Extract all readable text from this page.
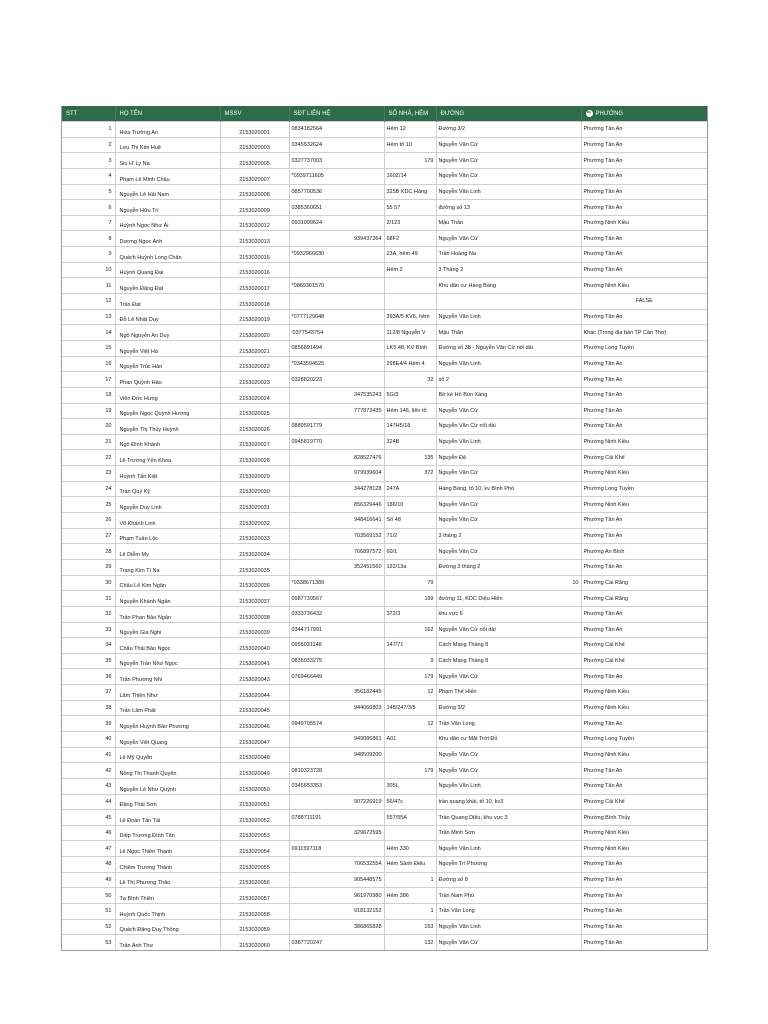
STT	HỌ TÊN	MSSV	SĐT LIÊN HỆ	SỐ NHÀ, HẺM	ĐƯỜNG	⇆ PHƯỜNG
1	Hứa Trường An	2153020001	0834182664	Hẻm 12	Đường 3/2	Phường Tân An
2	Lưu Thị Kim Huệ	2153020003	0345532624	Hẻm tổ 10	Nguyễn Văn Cừ	Phường Tân An
3	Siu H' Ly Na	2153020005	0327737003	179	Nguyễn Văn Cừ	Phường Tân An
4	Phạm Lê Minh Châu	2153020007	*0939711605	160Z/14	Nguyễn Văn Cừ	Phường Tân An
5	Nguyễn Lê Hải Nam	2153020008	0857700536	325B KDC Hàng	Nguyễn Văn Linh	Phường Tân An
6	Nguyễn Hữu Trí	2153020009	0385360651	55 57	đường số 13	Phường Tân An
7	Huỳnh Ngọc Như Ái	2153020012	0931099624	2/123	Mậu Thân	Phường Ninh Kiều
8	Dương Ngọc Anh	2153020013	939437364	68F2	Nguyễn Văn Cừ	Phường Tân An
9	Quách Huỳnh Long Chẩn	2153020015	*0932966630	23A, hẻm 49	Trần Hoàng Na	Phường Tân An
10	Huỳnh Quang Đại	2153020016		Hẻm 2	3 Tháng 2	Phường Tân An
11	Nguyễn Đăng Đạt	2153020017	*0869361570		Khu dân cư Hàng Bàng	Phường Ninh Kiều
12	Trần Đạt	2153020018				FALSE
13	Đỗ Lê Nhật Duy	2153020019	*0777129048	393A/5 KV6, hẻm	Nguyễn Văn Linh	Phường Tân An
14	Ngô Nguyễn An Duy	2153020020	'0377543754	112/8 Nguyễn V	Mậu Thân	Khác (Trong địa bàn TP Cần Thơ)
15	Nguyễn Việt Hà	2153020021	0856891494	LK5.48, KV Bình	Đường số 38 - Nguyễn Văn Cừ nối dài	Phường Long Tuyền
16	Nguyễn Trúc Hân	2153020022	*0343594525	298E4/4 Hẻm 4	Nguyễn Văn Linh	Phường Tân An
17	Phan Quỳnh Hảo	2153020023	0328820223	32	số 2	Phường Tân An
18	Viên Đức Hưng	2153020024	347535243	5G/3	Bờ kè Hồ Bún Xáng	Phường Tân An
19	Nguyễn Ngọc Quỳnh Hương	2153020025	777873435	Hẻm 146, liên tổ	Nguyễn Văn Cừ	Phường Tân An
20	Nguyễn Thị Thúy Huỳnh	2153020026	0889591779	147H5/18	Nguyễn Văn Cừ nối dài	Phường Tân An
21	Ngô Đình Khánh	2153020027	0945819770	324B	Nguyễn Văn Linh	Phường Ninh Kiều
22	Lê Trương Yến Khoa	2153020028	828527476	135	Nguyễn Đệ	Phường Cái Khế
23	Huỳnh Tấn Kiệt	2153020029	979939604	372	Nguyễn Văn Cừ	Phường Ninh Kiều
24	Trần Quý Kỳ	2153020030	344278128	247A	Hàng Bàng, tổ 10, kv Bình Phó	Phường Long Tuyền
25	Nguyễn Duy Linh	2153020031	856329446	186/10	Nguyễn Văn Cừ	Phường Ninh Kiều
26	Võ Khánh Linh	2153020032	948416641	Số 48	Nguyễn Văn Cừ	Phường Tân An
27	Phạm Tuấn Lộc	2153020033	703569152	71/2	3 tháng 2	Phường Tân An
28	Lê Diễm My	2153020034	766897572	60/1	Nguyễn Văn Cừ	Phường An Bình
29	Trang Kim Tí Na	2153020035	352451560	132/13a	Đường 3 tháng 2	Phường Tân An
30	Châu Lê Kim Ngân	2153020036	*0338671389	79	10	Phường Cái Răng
31	Nguyễn Khánh Ngân	2153020037	0987739567	199	đường 11, KDC Diệu Hiền	Phường Cái Răng
32	Trần Phan Bảo Ngân	2153020038	0333736432	372/3	khu vực 6	Phường Tân An
33	Nguyễn Gia Nghi	2153020039	0344717991	162	Nguyễn Văn Cừ nối dài	Phường Tân An
34	Châu Thái Bảo Ngọc	2153020040	0955031148	147/71	Cách Mạng Tháng 8	Phường Cái Khế
35	Nguyễn Trần Như Ngọc	2153020041	0835033275	9	Cách Mạng Tháng 8	Phường Cái Khế
36	Trần Phương Nhi	2153020043	0769466449	179	Nguyễn Văn Cừ	Phường Tân An
37	Lâm Thiện Như	2153020044	356182445	12	Phạm Thế Hiển	Phường Ninh Kiều
38	Trần Lâm Phát	2153020045	944060803	148/247/3/5	Đường 3/2	Phường Ninh Kiều
39	Nguyễn Huỳnh Bảo Phương	2153020046	0949705574	12	Trần Văn Long	Phường Tân An
40	Nguyễn Việt Quang	2153020047	949086861	A01	Khu dân cư Mặt Trời Đỏ	Phường Long Tuyền
41	Lê Mỹ Quyên	2153020048	948509200		Nguyễn Văn Cừ	Phường Ninh Kiều
42	Nông Thị Thanh Quyên	2153020049	0819323728	179	Nguyễn Văn Cừ	Phường Tân An
43	Nguyễn Lê Như Quỳnh	2153020050	0345653353	305L	Nguyễn Văn Linh	Phường Tân An
44	Đặng Thái Sơn	2153020051	907226919	56/47c	trần quang khải, tổ 10, kv3	Phường Cái Khế
45	Lê Đoàn Tấn Tài	2153020052	0788711191	557/55A	Trần Quang Diệu, khu vực 3	Phường Bình Thủy
46	Diệp Trương Đình Tân	2153020053	329672595		Trần Minh Sơn	Phường Ninh Kiều
47	Lê Ngọc Thiên Thanh	2153020054	0911597118	Hẻm 330	Nguyễn Văn Linh	Phường Ninh Kiều
48	Chiêm Trương Thành	2153020055	706532554	Hẻm Sành Điệu	Nguyễn Trí Phương	Phường Tân An
49	Lê Thị Phương Thảo	2153020056	905448575	1	Đường số 8	Phường Tân An
50	Tạ Bình Thiên	2153020057	961970980	Hẻm 386	Trần Nam Phú	Phường Tân An
51	Huỳnh Quốc Thịnh	2153020058	918132152	1	Trần Văn Long	Phường Tân An
52	Quách Đặng Duy Thông	2153020059	386865828	153	Nguyễn Văn Linh	Phường Tân An
53	Trần Anh Thư	2153020060	0387720247	132	Nguyễn Văn Cừ	Phường Tân An
